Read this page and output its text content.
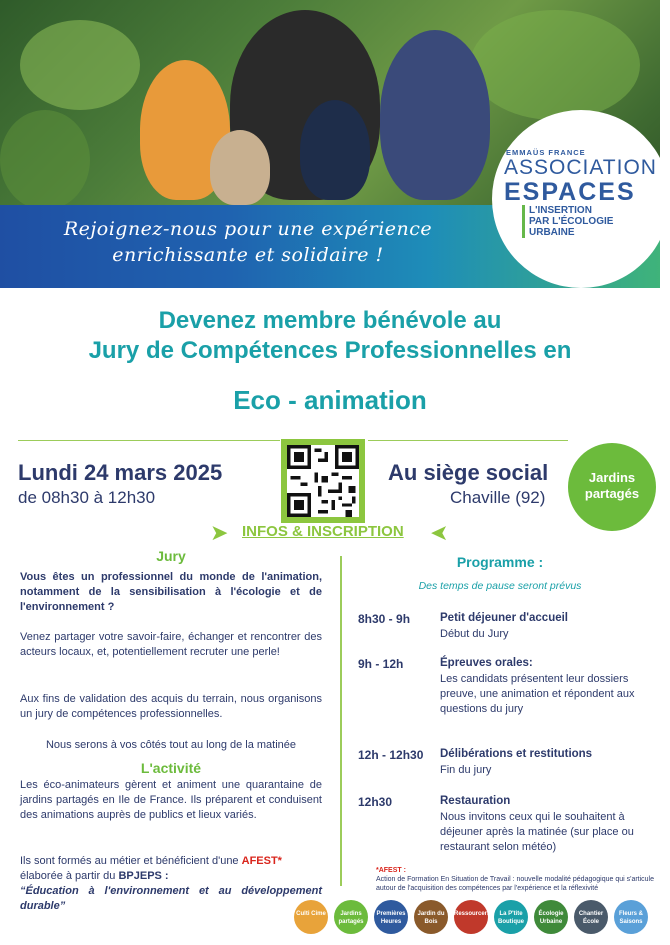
Rejoignez-nous pour une expérience
enrichissante et solidaire !
EMMAÜS FRANCE
ASSOCIATION
ESPACES
L'INSERTION
PAR L'ÉCOLOGIE
URBAINE
Devenez membre bénévole au
Jury de Compétences Professionnelles en
Eco - animation
Lundi 24 mars 2025
de 08h30 à 12h30
Au siège social
Chaville (92)
Jardins
partagés
➤ INFOS & INSCRIPTION ➤
Jury
Vous êtes un professionnel du monde de l'animation, notamment de la sensibilisation à l'écologie et de l'environnement ?
Venez partager votre savoir-faire, échanger et rencontrer des acteurs locaux, et, potentiellement recruter une perle!
Aux fins de validation des acquis du terrain, nous organisons un jury de compétences professionnelles.
Nous serons à vos côtés tout au long de la matinée
L'activité
Les éco-animateurs gèrent et animent une quarantaine de jardins partagés en Ile de France. Ils préparent et conduisent des animations auprès de publics et lieux variés.
Ils sont formés au métier et bénéficient d'une AFEST*
élaborée à partir du BPJEPS :
“Éducation à l'environnement et au développement durable”
Programme :
Des temps de pause seront prévus
8h30 - 9h	Petit déjeuner d'accueil
Début du Jury
9h - 12h	Épreuves orales:
Les candidats présentent leur dossiers preuve, une animation et répondent aux questions du jury
12h - 12h30 Délibérations et restitutions
Fin du jury
12h30	Restauration
Nous invitons ceux qui le souhaitent à déjeuner après la matinée (sur place ou restaurant selon météo)
*AFEST :
Action de Formation En Situation de Travail : nouvelle modalité pédagogique qui s'articule autour de l'acquisition des compétences par l'expérience et la réflexivité
Culti Cime	Jardins partagés
Premières Heures
Jardin du Bois
Ressourcerie	La P'tite Boutique
Écologie Urbaine
Chantier École
Fleurs & Saisons
